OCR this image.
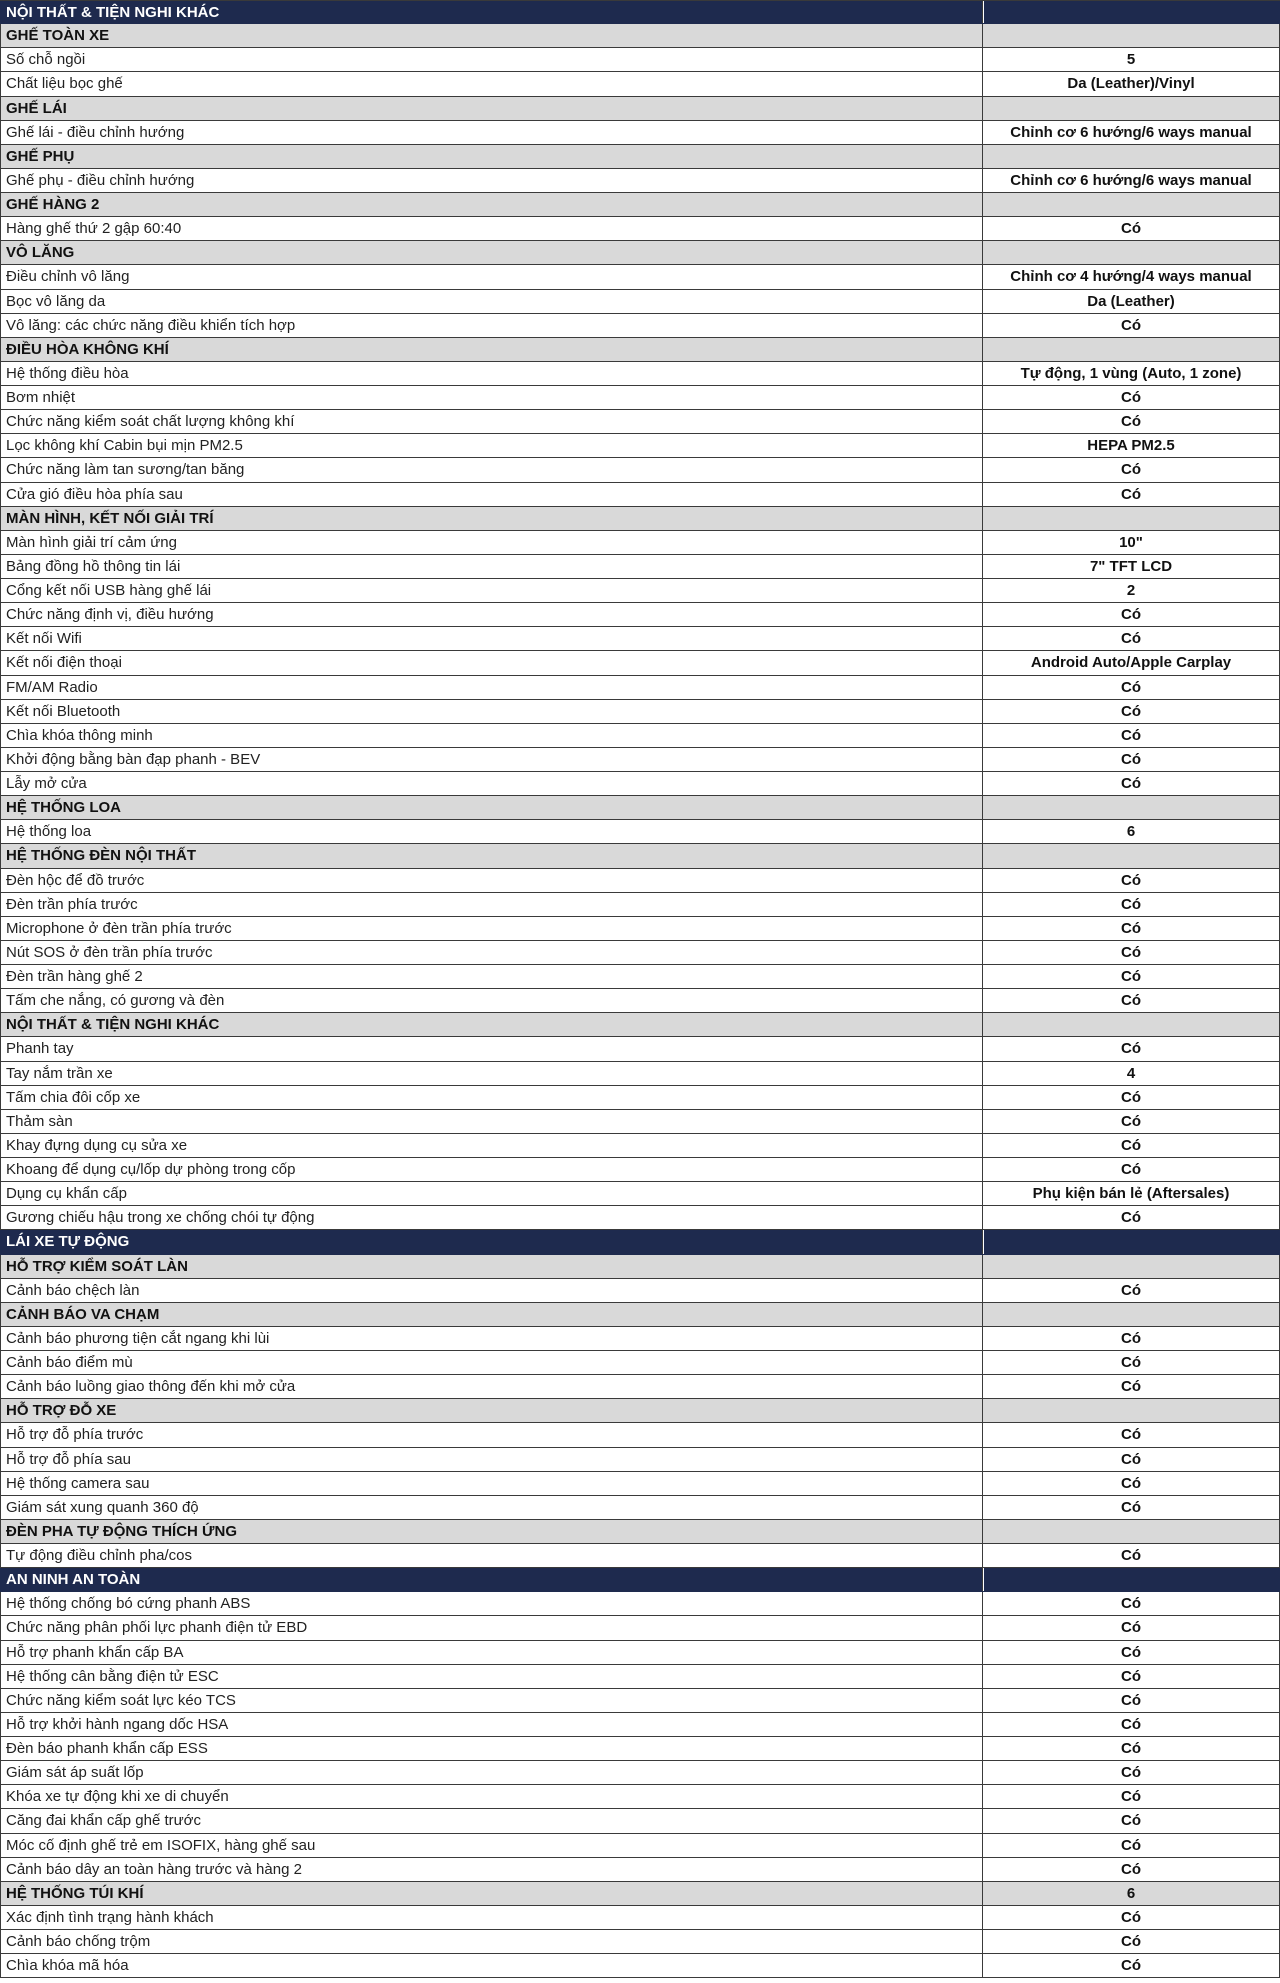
NỘI THẤT & TIỆN NGHI KHÁC
GHẾ TOÀN XE
Số chỗ ngồi	5
Chất liệu bọc ghế	Da (Leather)/Vinyl
GHẾ LÁI
Ghế lái - điều chỉnh hướng	Chỉnh cơ 6 hướng/6 ways manual
GHẾ PHỤ
Ghế phụ - điều chỉnh hướng	Chỉnh cơ 6 hướng/6 ways manual
GHẾ HÀNG 2
Hàng ghế thứ 2 gập 60:40	Có
VÔ LĂNG
Điều chỉnh vô lăng	Chỉnh cơ 4 hướng/4 ways manual
Bọc vô lăng da	Da (Leather)
Vô lăng: các chức năng điều khiển tích hợp	Có
ĐIỀU HÒA KHÔNG KHÍ
Hệ thống điều hòa	Tự động, 1 vùng (Auto, 1 zone)
Bơm nhiệt	Có
Chức năng kiểm soát chất lượng không khí	Có
Lọc không khí Cabin bụi mịn PM2.5	HEPA PM2.5
Chức năng làm tan sương/tan băng	Có
Cửa gió điều hòa phía sau	Có
MÀN HÌNH, KẾT NỐI GIẢI TRÍ
Màn hình giải trí cảm ứng	10"
Bảng đồng hồ thông tin lái	7" TFT LCD
Cổng kết nối USB hàng ghế lái	2
Chức năng định vị, điều hướng	Có
Kết nối Wifi	Có
Kết nối điện thoại	Android Auto/Apple Carplay
FM/AM Radio	Có
Kết nối Bluetooth	Có
Chìa khóa thông minh	Có
Khởi động bằng bàn đạp phanh - BEV	Có
Lẫy mở cửa	Có
HỆ THỐNG LOA
Hệ thống loa	6
HỆ THỐNG ĐÈN NỘI THẤT
Đèn hộc để đồ trước	Có
Đèn trần phía trước	Có
Microphone ở đèn trần phía trước	Có
Nút SOS ở đèn trần phía trước	Có
Đèn trần hàng ghế 2	Có
Tấm che nắng, có gương và đèn	Có
NỘI THẤT & TIỆN NGHI KHÁC
Phanh tay	Có
Tay nắm trần xe	4
Tấm chia đôi cốp xe	Có
Thảm sàn	Có
Khay đựng dụng cụ sửa xe	Có
Khoang để dụng cụ/lốp dự phòng trong cốp	Có
Dụng cụ khẩn cấp	Phụ kiện bán lẻ (Aftersales)
Gương chiếu hậu trong xe chống chói tự động	Có
LÁI XE TỰ ĐỘNG
HỖ TRỢ KIỂM SOÁT LÀN
Cảnh báo chệch làn	Có
CẢNH BÁO VA CHẠM
Cảnh báo phương tiện cắt ngang khi lùi	Có
Cảnh báo điểm mù	Có
Cảnh báo luồng giao thông đến khi mở cửa	Có
HỖ TRỢ ĐỖ XE
Hỗ trợ đỗ phía trước	Có
Hỗ trợ đỗ phía sau	Có
Hệ thống camera sau	Có
Giám sát xung quanh 360 độ	Có
ĐÈN PHA TỰ ĐỘNG THÍCH ỨNG
Tự động điều chỉnh pha/cos	Có
AN NINH AN TOÀN
Hệ thống chống bó cứng phanh ABS	Có
Chức năng phân phối lực phanh điện tử EBD	Có
Hỗ trợ phanh khẩn cấp BA	Có
Hệ thống cân bằng điện tử ESC	Có
Chức năng kiểm soát lực kéo TCS	Có
Hỗ trợ khởi hành ngang dốc HSA	Có
Đèn báo phanh khẩn cấp ESS	Có
Giám sát áp suất lốp	Có
Khóa xe tự động khi xe di chuyển	Có
Căng đai khẩn cấp ghế trước	Có
Móc cố định ghế trẻ em ISOFIX, hàng ghế sau	Có
Cảnh báo dây an toàn hàng trước và hàng 2	Có
HỆ THỐNG TÚI KHÍ	6
Xác định tình trạng hành khách	Có
Cảnh báo chống trộm	Có
Chìa khóa mã hóa	Có
